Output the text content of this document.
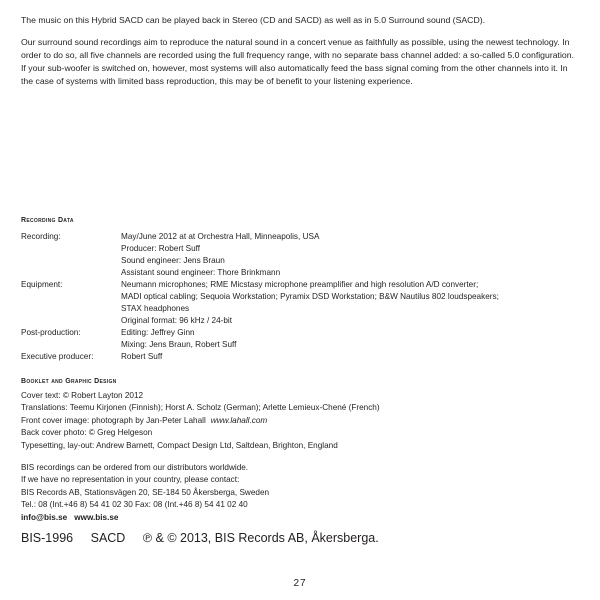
The music on this Hybrid SACD can be played back in Stereo (CD and SACD) as well as in 5.0 Surround sound (SACD).

Our surround sound recordings aim to reproduce the natural sound in a concert venue as faithfully as possible, using the newest technology. In order to do so, all five channels are recorded using the full frequency range, with no separate bass channel added: a so-called 5.0 configuration. If your sub-woofer is switched on, however, most systems will also automatically feed the bass signal coming from the other channels into it. In the case of systems with limited bass reproduction, this may be of benefit to your listening experience.

Recording Data
Recording:	May/June 2012 at at Orchestra Hall, Minneapolis, USA
Producer: Robert Suff
Sound engineer: Jens Braun
Assistant sound engineer: Thore Brinkmann
Equipment:	Neumann microphones; RME Micstasy microphone preamplifier and high resolution A/D converter;
MADI optical cabling; Sequoia Workstation; Pyramix DSD Workstation; B&W Nautilus 802 loudspeakers;
STAX headphones
Original format: 96 kHz / 24-bit
Post-production:	Editing: Jeffrey Ginn
Mixing: Jens Braun, Robert Suff
Executive producer:	Robert Suff
Booklet and Graphic Design
Cover text: © Robert Layton 2012
Translations: Teemu Kirjonen (Finnish); Horst A. Scholz (German); Arlette Lemieux-Chené (French)
Front cover image: photograph by Jan-Peter Lahall www.lahall.com
Back cover photo: © Greg Helgeson
Typesetting, lay-out: Andrew Barnett, Compact Design Ltd, Saltdean, Brighton, England
BIS recordings can be ordered from our distributors worldwide.
If we have no representation in your country, please contact:
BIS Records AB, Stationsvägen 20, SE-184 50 Åkersberga, Sweden
Tel.: 08 (Int.+46 8) 54 41 02 30 Fax: 08 (Int.+46 8) 54 41 02 40
info@bis.se www.bis.se
BIS-1996 SACD ℗ & © 2013, BIS Records AB, Åkersberga.
27
